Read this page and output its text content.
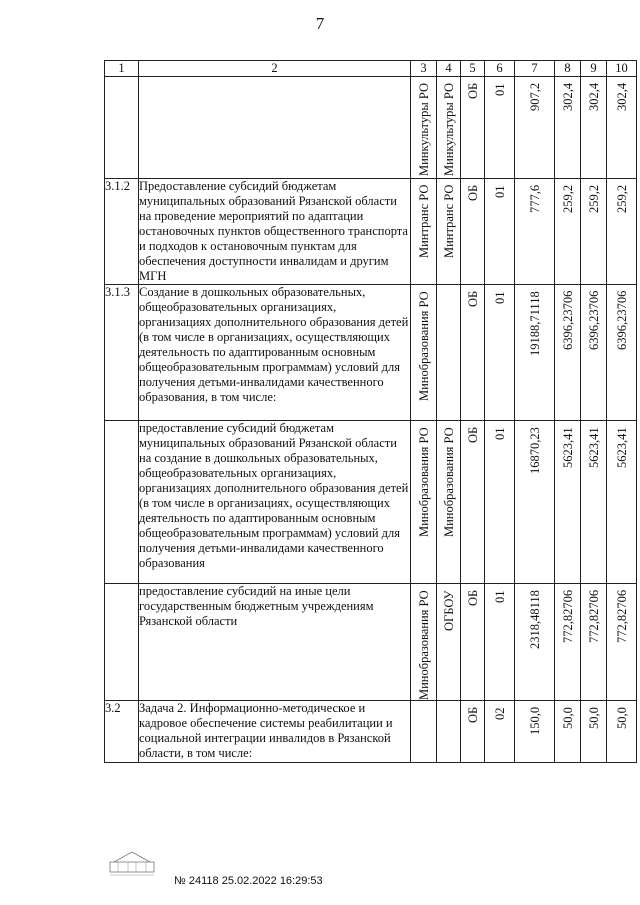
7
1	2	3	4	5	6	7	8	9	10

		Минкультуры РО	Минкультуры РО	ОБ	01	907,2	302,4	302,4	302,4

3.1.2	Предоставление субсидий бюджетам муниципальных образований Рязанской области на проведение мероприятий по адаптации остановочных пунктов общественного транспорта и подходов к остановочным пунктам для обеспечения доступности инвалидам и другим МГН	Минтранс РО	Минтранс РО	ОБ	01	777,6	259,2	259,2	259,2

3.1.3	Создание в дошкольных образовательных, общеобразовательных организациях, организациях дополнительного образования детей (в том числе в организациях, осуществляющих деятельность по адаптированным основным общеобразовательным программам) условий для получения детьми-инвалидами качественного образования, в том числе:	Минобразования РО		ОБ	01	19188,71118	6396,23706	6396,23706	6396,23706

	предоставление субсидий бюджетам муниципальных образований Рязанской области на создание в дошкольных образовательных, общеобразовательных организациях, организациях дополнительного образования детей (в том числе в организациях, осуществляющих деятельность по адаптированным основным общеобразовательным программам) условий для получения детьми-инвалидами качественного образования	Минобразования РО	Минобразования РО	ОБ	01	16870,23	5623,41	5623,41	5623,41

	предоставление субсидий на иные цели государственным бюджетным учреждениям Рязанской области	Минобразования РО	ОГБОУ	ОБ	01	2318,48118	772,82706	772,82706	772,82706

3.2	Задача 2. Информационно-методическое и кадровое обеспечение системы реабилитации и социальной интеграции инвалидов в Рязанской области, в том числе:			ОБ	02	150,0	50,0	50,0	50,0
№ 24118 25.02.2022 16:29:53
